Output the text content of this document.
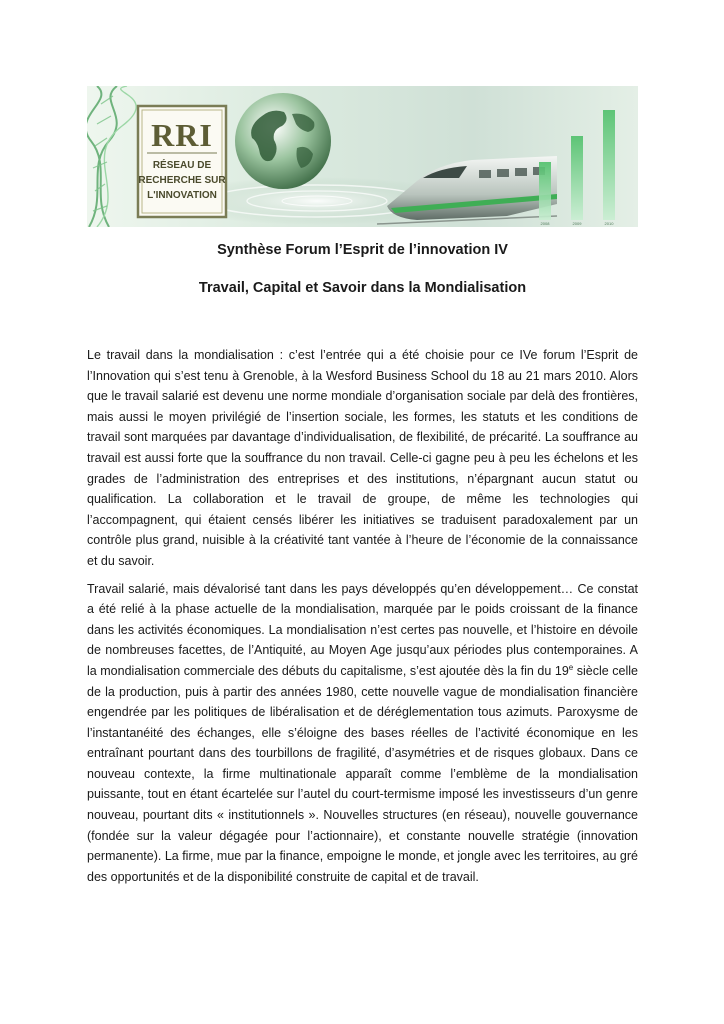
RRI
RÉSEAU DE
RECHERCHE SUR
L'INNOVATION
2008	2009	2010

Synthèse Forum l’Esprit de l’innovation IV

Travail, Capital et Savoir dans la Mondialisation

Le travail dans la mondialisation : c’est l’entrée qui a été choisie pour ce IVe forum l’Esprit de l’Innovation qui s’est tenu à Grenoble, à la Wesford Business School du 18 au 21 mars 2010. Alors que le travail salarié est devenu une norme mondiale d’organisation sociale par delà des frontières, mais aussi le moyen privilégié de l’insertion sociale, les formes, les statuts et les conditions de travail sont marquées par davantage d’individualisation, de flexibilité, de précarité. La souffrance au travail est aussi forte que la souffrance du non travail. Celle-ci gagne peu à peu les échelons et les grades de l’administration des entreprises et des institutions, n’épargnant aucun statut ou qualification. La collaboration et le travail de groupe, de même les technologies qui l’accompagnent, qui étaient censés libérer les initiatives se traduisent paradoxalement par un contrôle plus grand, nuisible à la créativité tant vantée à l’heure de l’économie de la connaissance et du savoir.

Travail salarié, mais dévalorisé tant dans les pays développés qu’en développement… Ce constat a été relié à la phase actuelle de la mondialisation, marquée par le poids croissant de la finance dans les activités économiques. La mondialisation n’est certes pas nouvelle, et l’histoire en dévoile de nombreuses facettes, de l’Antiquité, au Moyen Age jusqu’aux périodes plus contemporaines. A la mondialisation commerciale des débuts du capitalisme, s’est ajoutée dès la fin du 19e siècle celle de la production, puis à partir des années 1980, cette nouvelle vague de mondialisation financière engendrée par les politiques de libéralisation et de déréglementation tous azimuts. Paroxysme de l’instantanéité des échanges, elle s’éloigne des bases réelles de l’activité économique en les entraînant pourtant dans des tourbillons de fragilité, d’asymétries et de risques globaux. Dans ce nouveau contexte, la firme multinationale apparaît comme l’emblème de la mondialisation puissante, tout en étant écartelée sur l’autel du court-termisme imposé les investisseurs d’un genre nouveau, pourtant dits « institutionnels ». Nouvelles structures (en réseau), nouvelle gouvernance (fondée sur la valeur dégagée pour l’actionnaire), et constante nouvelle stratégie (innovation permanente). La firme, mue par la finance, empoigne le monde, et jongle avec les territoires, au gré des opportunités et de la disponibilité construite de capital et de travail.
